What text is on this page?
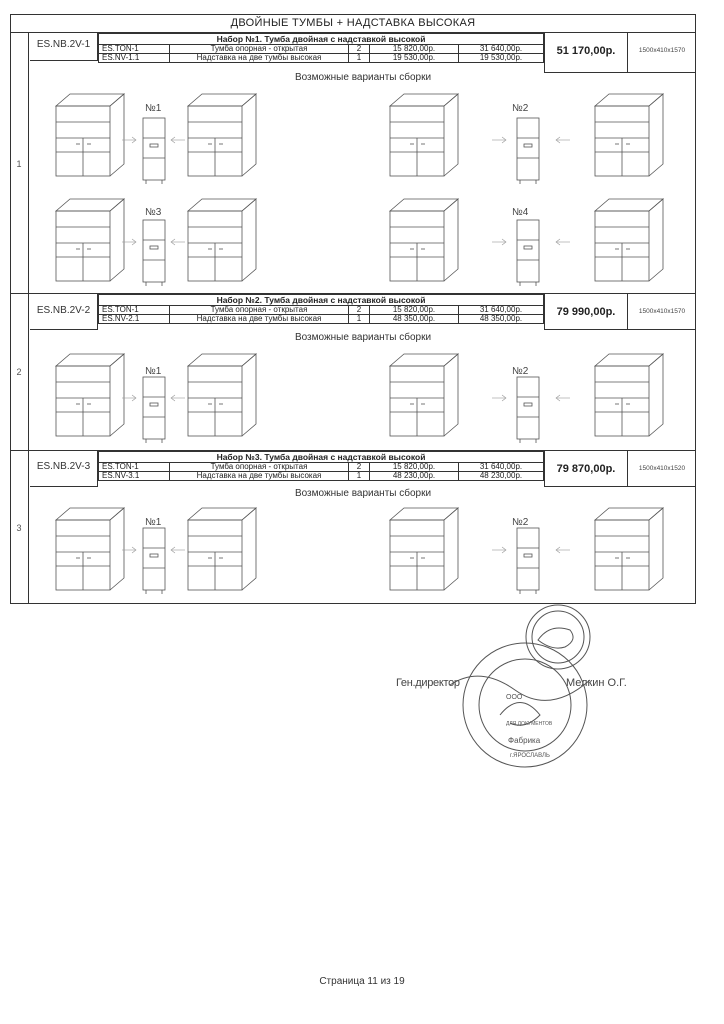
ДВОЙНЫЕ ТУМБЫ + НАДСТАВКА ВЫСОКАЯ
1
ES.NB.2V-1	Набор №1. Тумба двойная с надставкой высокой				
ES.TON-1	Тумба опорная - открытая	2	15 820,00р.	31 640,00р.
ES.NV-1.1	Надставка на две тумбы высокая	1	19 530,00р.	19 530,00р.
51 170,00р.	1500x410x1570
Возможные варианты сборки
№1	№2
№3	№4
2
ES.NB.2V-2
Набор №2. Тумба двойная с надставкой высокой				
ES.TON-1	Тумба опорная - открытая	2	15 820,00р.	31 640,00р.
ES.NV-2.1	Надставка на две тумбы высокая	1	48 350,00р.	48 350,00р.
79 990,00р.	1500x410x1570
Возможные варианты сборки
№1	№2
3
ES.NB.2V-3
Набор №3. Тумба двойная с надставкой высокой				
ES.TON-1	Тумба опорная - открытая	2	15 820,00р.	31 640,00р.
ES.NV-3.1	Надставка на две тумбы высокая	1	48 230,00р.	48 230,00р.
79 870,00р.	1500x410x1520
Возможные варианты сборки
№1	№2
Ген.директор	Мелкин О.Г.
ООО
ДЛЯ ДОКУМЕНТОВ
Фабрика
г.ЯРОСЛАВЛЬ
Страница 11 из 19
